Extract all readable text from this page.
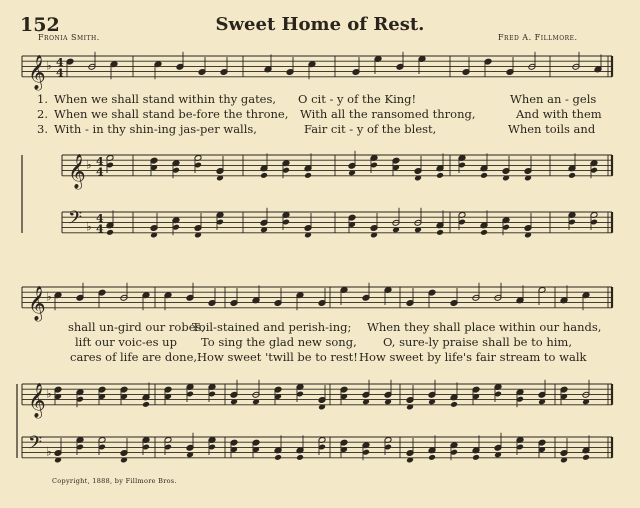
152	Sweet Home of Rest.
Fronia Smith.	Fred A. Fillmore.
𝄞 ♭ 4
4
𝄞 ♭ 4
4
𝄢 ♭
4
4
𝄞 ♭
𝄞 ♭
𝄢 ♭
1. When we shall stand within thy gates, O cit - y of the King!	When an - gels
2. When we shall stand be-fore the throne, With all the ransomed throng,	And with them
3. With - in thy shin-ing jas-per walls,	Fair cit - y of the blest,	When toils and
shall un-gird our robes,
Toil-stained and perish-ing; When they shall place within our hands,
lift our voic-es up To sing the glad new song, O, sure-ly praise shall be to him,
cares of life are done, How sweet 'twill be to rest! How sweet by life's fair stream to walk
Copyright, 1888, by Fillmore Bros.
